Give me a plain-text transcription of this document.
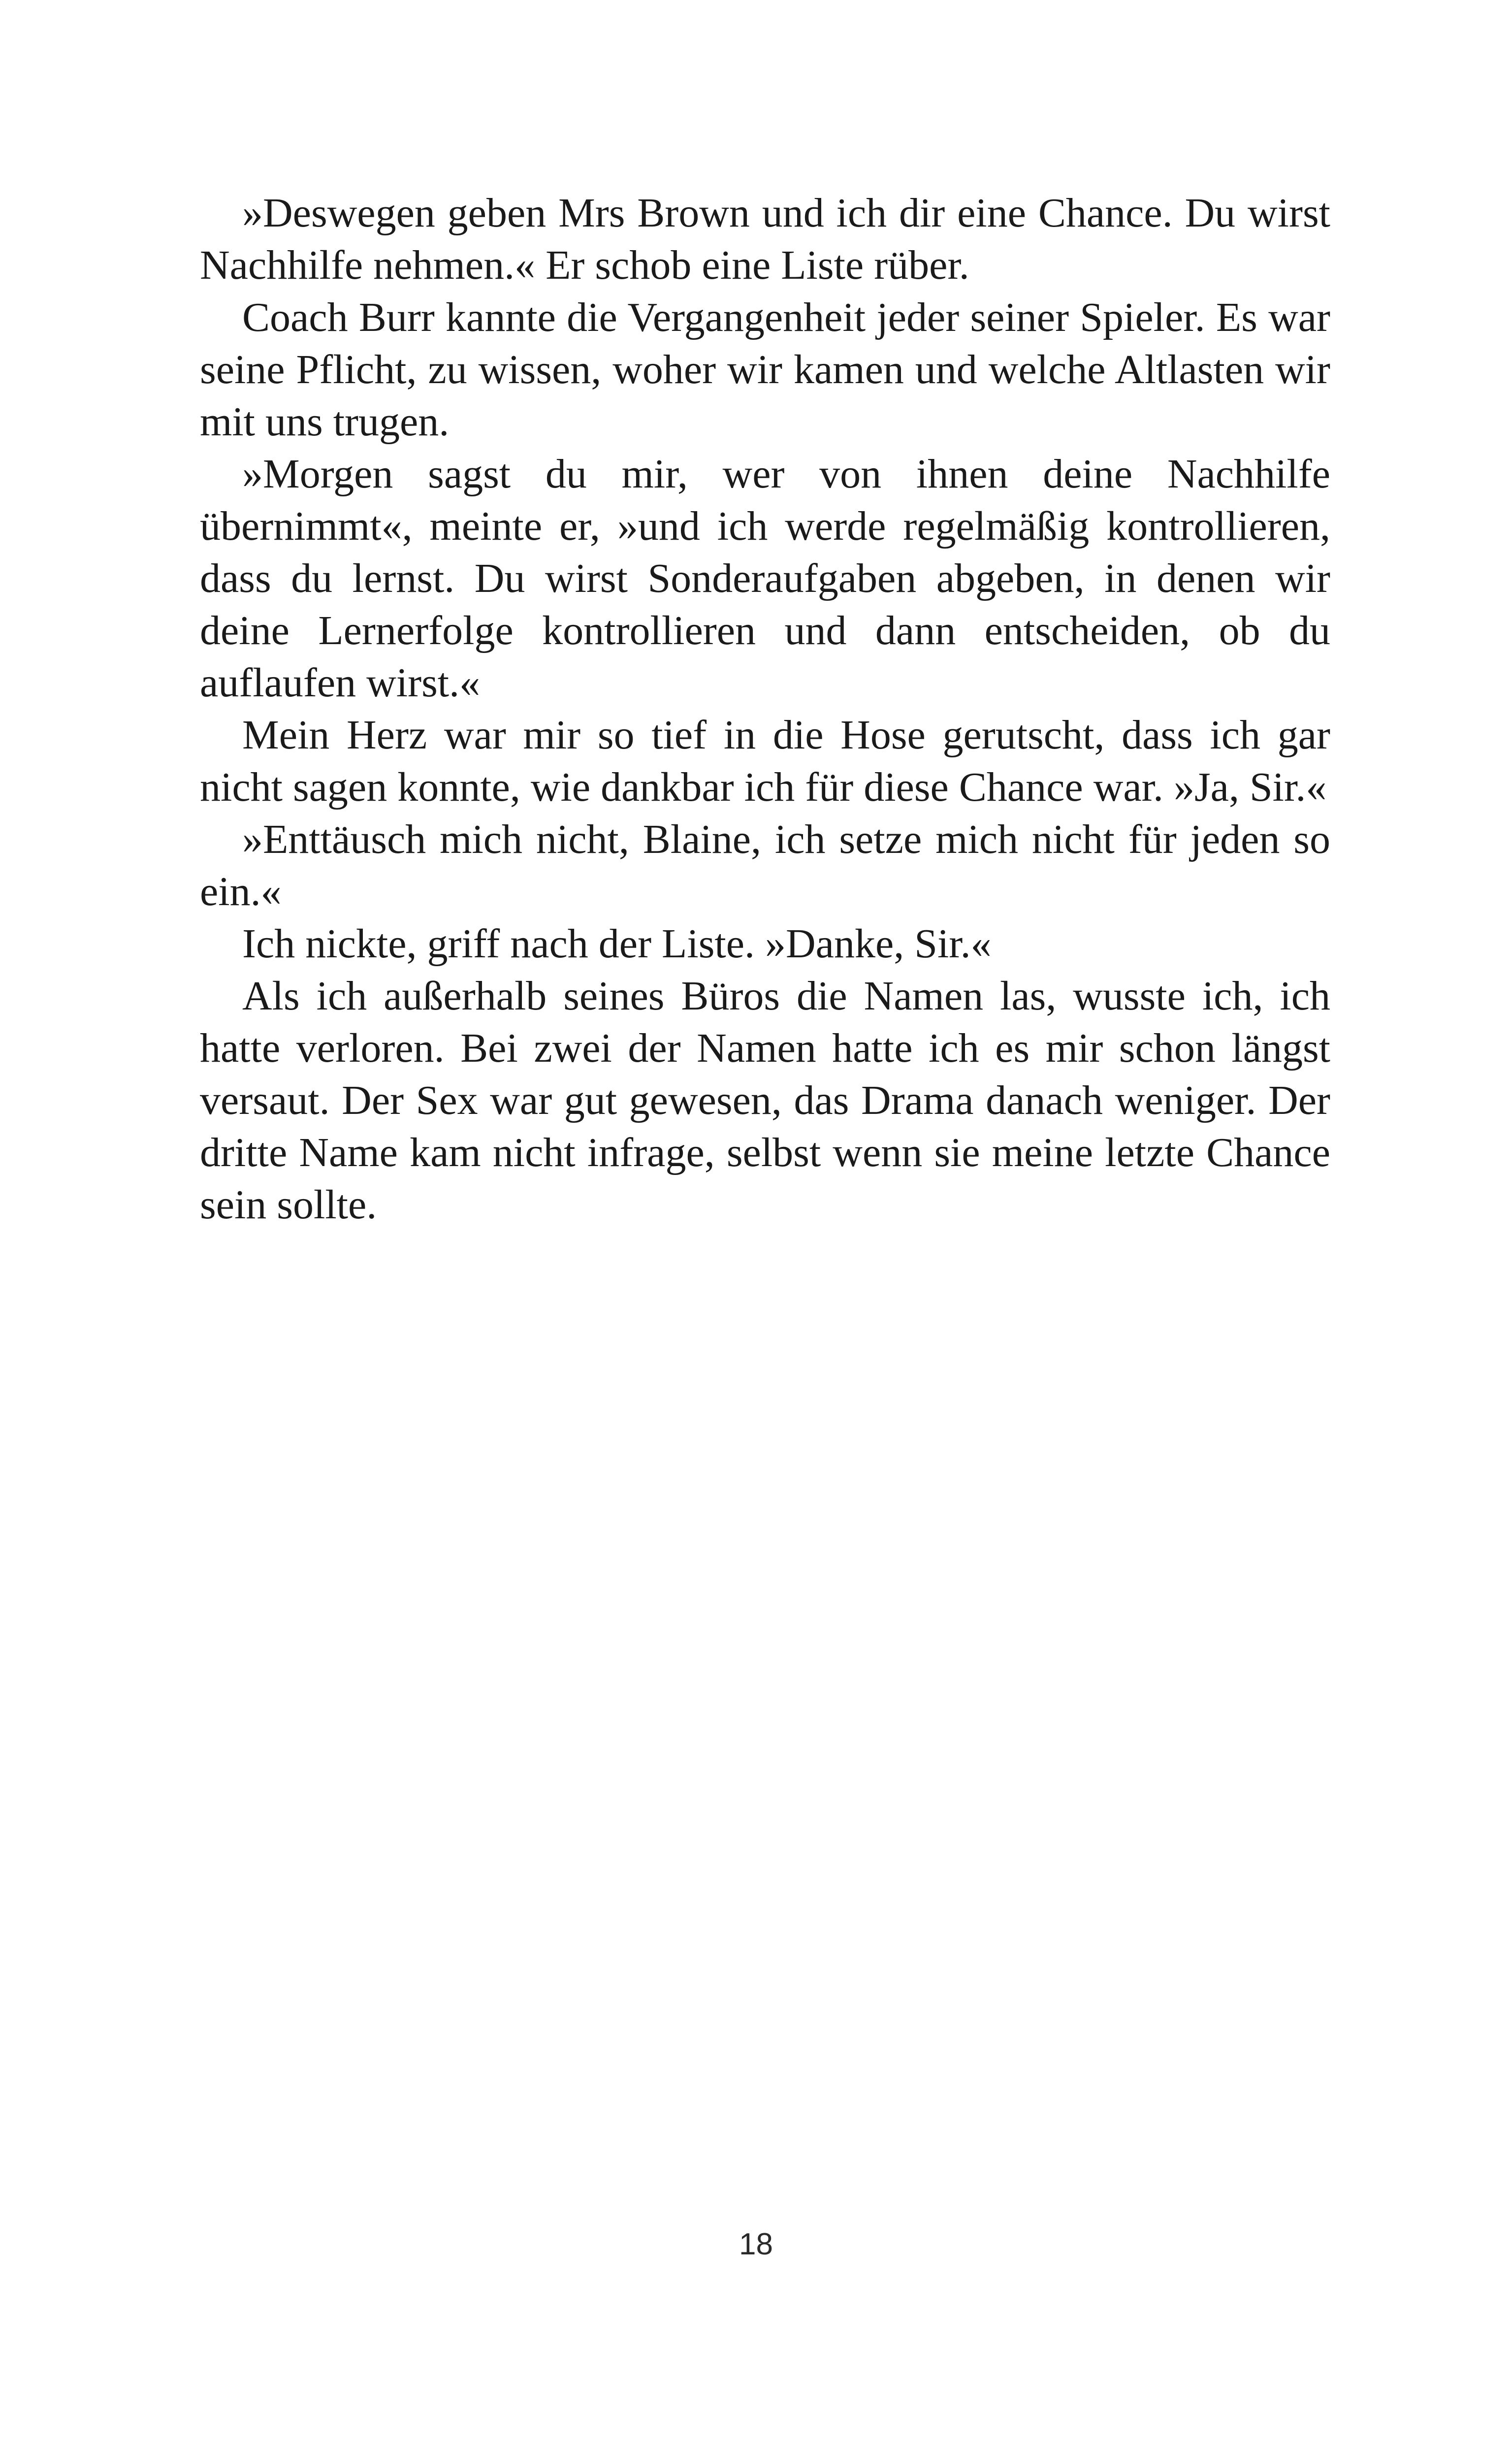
»Deswegen geben Mrs Brown und ich dir eine Chance. Du wirst Nachhilfe nehmen.« Er schob eine Liste rüber.

Coach Burr kannte die Vergangenheit jeder seiner Spieler. Es war seine Pflicht, zu wissen, woher wir kamen und welche Altlasten wir mit uns trugen.

»Morgen sagst du mir, wer von ihnen deine Nachhilfe übernimmt«, meinte er, »und ich werde regelmäßig kontrollieren, dass du lernst. Du wirst Sonderaufgaben abgeben, in denen wir deine Lernerfolge kontrollieren und dann entscheiden, ob du auflaufen wirst.«

Mein Herz war mir so tief in die Hose gerutscht, dass ich gar nicht sagen konnte, wie dankbar ich für diese Chance war. »Ja, Sir.«

»Enttäusch mich nicht, Blaine, ich setze mich nicht für jeden so ein.«

Ich nickte, griff nach der Liste. »Danke, Sir.«

Als ich außerhalb seines Büros die Namen las, wusste ich, ich hatte verloren. Bei zwei der Namen hatte ich es mir schon längst versaut. Der Sex war gut gewesen, das Drama danach weniger. Der dritte Name kam nicht infrage, selbst wenn sie meine letzte Chance sein sollte.

18
